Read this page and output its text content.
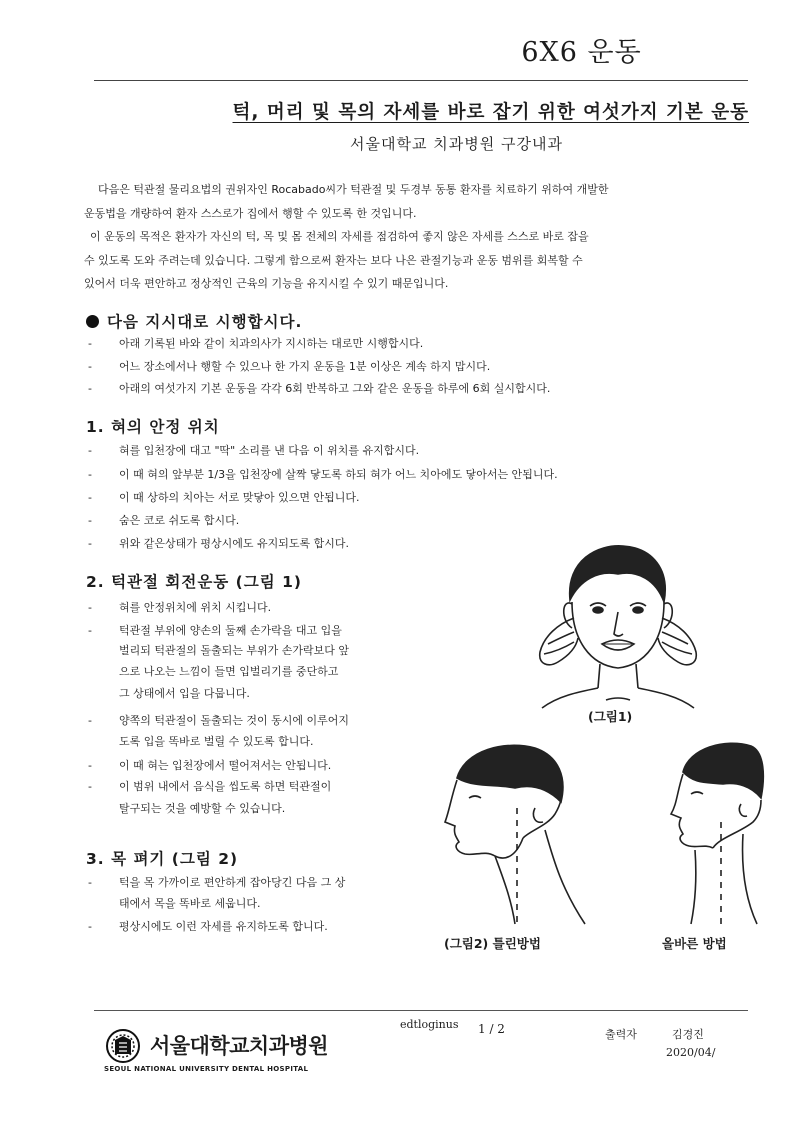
6X6 운동
턱, 머리 및 목의 자세를 바로 잡기 위한 여섯가지 기본 운동
서울대학교 치과병원 구강내과

다음은 턱관절 물리요법의 권위자인 Rocabado씨가 턱관절 및 두경부 동통 환자를 치료하기 위하여 개발한

운동법을 개량하여 환자 스스로가 집에서 행할 수 있도록 한 것입니다.

이 운동의 목적은 환자가 자신의 턱, 목 및 몸 전체의 자세를 점검하여 좋지 않은 자세를 스스로 바로 잡을

수 있도록 도와 주려는데 있습니다. 그렇게 함으로써 환자는 보다 나은 관절기능과 운동 범위를 회복할 수

있어서 더욱 편안하고 정상적인 근육의 기능을 유지시킬 수 있기 때문입니다.

다음 지시대로 시행합시다.
- 아래 기록된 바와 같이 치과의사가 지시하는 대로만 시행합시다.
- 어느 장소에서나 행할 수 있으나 한 가지 운동을 1분 이상은 계속 하지 맙시다.
- 아래의 여섯가지 기본 운동을 각각 6회 반복하고 그와 같은 운동을 하루에 6회 실시합시다.
1. 혀의 안정 위치
- 혀를 입천장에 대고 "딱" 소리를 낸 다음 이 위치를 유지합시다.
- 이 때 혀의 앞부분 1/3을 입천장에 살짝 닿도록 하되 혀가 어느 치아에도 닿아서는 안됩니다.
- 이 때 상하의 치아는 서로 맞닿아 있으면 안됩니다.
- 숨은 코로 쉬도록 합시다.
- 위와 같은상태가 평상시에도 유지되도록 합시다.
2. 턱관절 회전운동 (그림 1)
- 혀를 안정위치에 위치 시킵니다.
- 턱관절 부위에 양손의 둘째 손가락을 대고 입을
벌리되 턱관절의 돌출되는 부위가 손가락보다 앞
으로 나오는 느낌이 들면 입벌리기를 중단하고
그 상태에서 입을 다뭅니다.
- 양쪽의 턱관절이 돌출되는 것이 동시에 이루어지
도록 입을 똑바로 벌릴 수 있도록 합니다.
- 이 때 혀는 입천장에서 떨어져서는 안됩니다.
- 이 범위 내에서 음식을 씹도록 하면 턱관절이
탈구되는 것을 예방할 수 있습니다.
3. 목 펴기 (그림 2)
- 턱을 목 가까이로 편안하게 잡아당긴 다음 그 상
태에서 목을 똑바로 세웁니다.
- 평상시에도 이런 자세를 유지하도록 합니다.
(그림1)
(그림2) 틀린방법	올바른 방법
서울대학교치과병원
SEOUL NATIONAL UNIVERSITY DENTAL HOSPITAL
edtloginus 1 / 2	출력자	김경진
2020/04/
